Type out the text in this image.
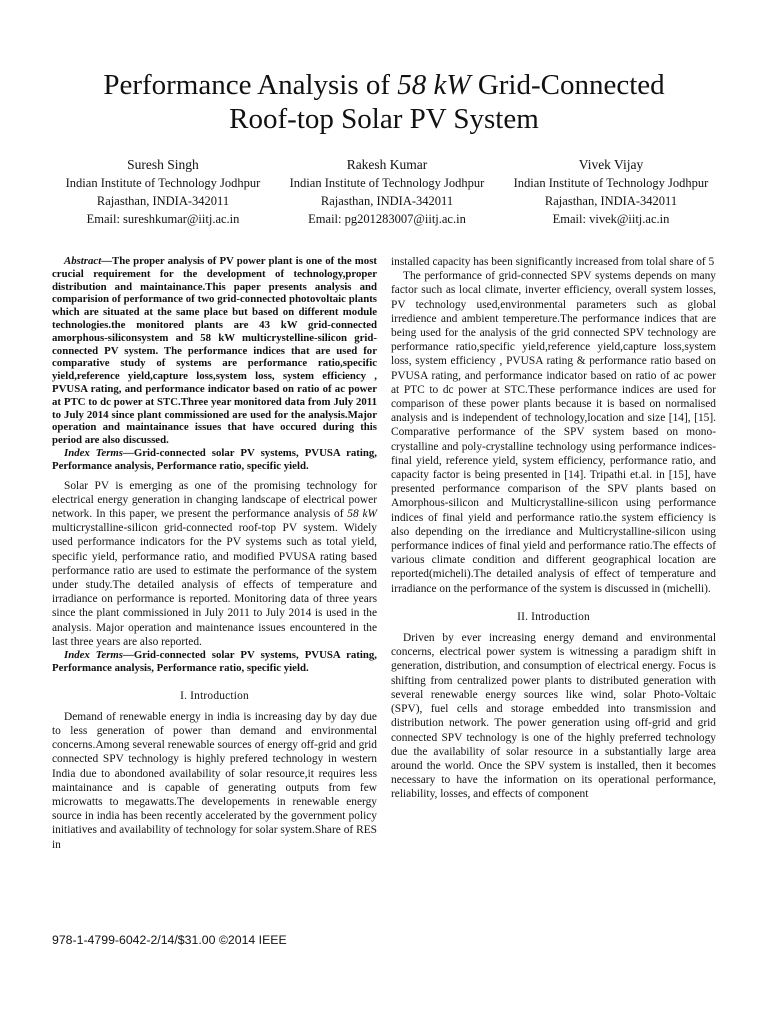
Performance Analysis of 58 kW Grid-Connected
Roof-top Solar PV System
Suresh Singh
Indian Institute of Technology Jodhpur
Rajasthan, INDIA-342011
Email: sureshkumar@iitj.ac.in
Rakesh Kumar
Indian Institute of Technology Jodhpur
Rajasthan, INDIA-342011
Email: pg201283007@iitj.ac.in
Vivek Vijay
Indian Institute of Technology Jodhpur
Rajasthan, INDIA-342011
Email: vivek@iitj.ac.in

Abstract—The proper analysis of PV power plant is one of the most crucial requirement for the development of technology,proper distribution and maintainance.This paper presents analysis and comparision of performance of two grid-connected photovoltaic plants which are situated at the same place but based on different module technologies.the monitored plants are 43 kW grid-connected amorphous-siliconsystem and 58 kW multicrystelline-silicon grid-connected PV system. The performance indices that are used for comparative study of systems are performance ratio,specific yield,reference yield,capture loss,system loss, system efficiency , PVUSA rating, and performance indicator based on ratio of ac power at PTC to dc power at STC.Three year monitored data from July 2011 to July 2014 since plant commissioned are used for the analysis.Major operation and maintainance issues that have occured during this period are also discussed.

Index Terms—Grid-connected solar PV systems, PVUSA rating, Performance analysis, Performance ratio, specific yield.

Solar PV is emerging as one of the promising technology for electrical energy generation in changing landscape of electrical power network. In this paper, we present the performance analysis of 58 kW multicrystalline-silicon grid-connected roof-top PV system. Widely used performance indicators for the PV systems such as total yield, specific yield, performance ratio, and modified PVUSA rating based performance ratio are used to estimate the performance of the system under study.The detailed analysis of effects of temperature and irradiance on performance is reported. Monitoring data of three years since the plant commissioned in July 2011 to July 2014 is used in the analysis. Major operation and maintenance issues encountered in the last three years are also reported.

Index Terms—Grid-connected solar PV systems, PVUSA rating, Performance analysis, Performance ratio, specific yield.

I. Introduction

Demand of renewable energy in india is increasing day by day due to less generation of power than demand and environmental concerns.Among several renewable sources of energy off-grid and grid connected SPV technology is highly prefered technology in western India due to abondoned availability of solar resource,it requires less maintainance and is capable of generating outputs from few microwatts to megawatts.The developements in renewable energy source in india has been recently accelerated by the government policy initiatives and availability of technology for solar system.Share of RES in

installed capacity has been significantly increased from tolal share of 5

The performance of grid-connected SPV systems depends on many factor such as local climate, inverter efficiency, overall system losses, PV technology used,environmental parameters such as global irredience and ambient tempereture.The performance indices that are being used for the analysis of the grid connected SPV technology are performance ratio,specific yield,reference yield,capture loss,system loss, system efficiency , PVUSA rating & performance ratio based on PVUSA rating, and performance indicator based on ratio of ac power at PTC to dc power at STC.These performance indices are used for comparison of these power plants because it is based on normalised analysis and is independent of technology,location and size [14], [15]. Comparative performance of the SPV system based on mono-crystalline and poly-crystalline technology using performance indices-final yield, reference yield, system efficiency, performance ratio, and capacity factor is being presented in [14]. Tripathi et.al. in [15], have presented performance comparison of the SPV plants based on Amorphous-silicon and Multicrystalline-silicon using performance indices of final yield and performance ratio.the system efficiency is also depending on the irrediance and Multicrystalline-silicon using performance indices of final yield and performance ratio.The effects of various climate condition and different geographical location are reported(micheli).The detailed analysis of effect of temperature and irradiance on the performance of the system is discussed in (michelli).

II. Introduction

Driven by ever increasing energy demand and environmental concerns, electrical power system is witnessing a paradigm shift in generation, distribution, and consumption of electrical energy. Focus is shifting from centralized power plants to distributed generation with several renewable energy sources like wind, solar Photo-Voltaic (SPV), fuel cells and storage embedded into transmission and distribution network. The power generation using off-grid and grid connected SPV technology is one of the highly preferred technology due the availability of solar resource in a substantially large area around the world. Once the SPV system is installed, then it becomes necessary to have the information on its operational performance, reliability, losses, and effects of component

978-1-4799-6042-2/14/$31.00 ©2014 IEEE
